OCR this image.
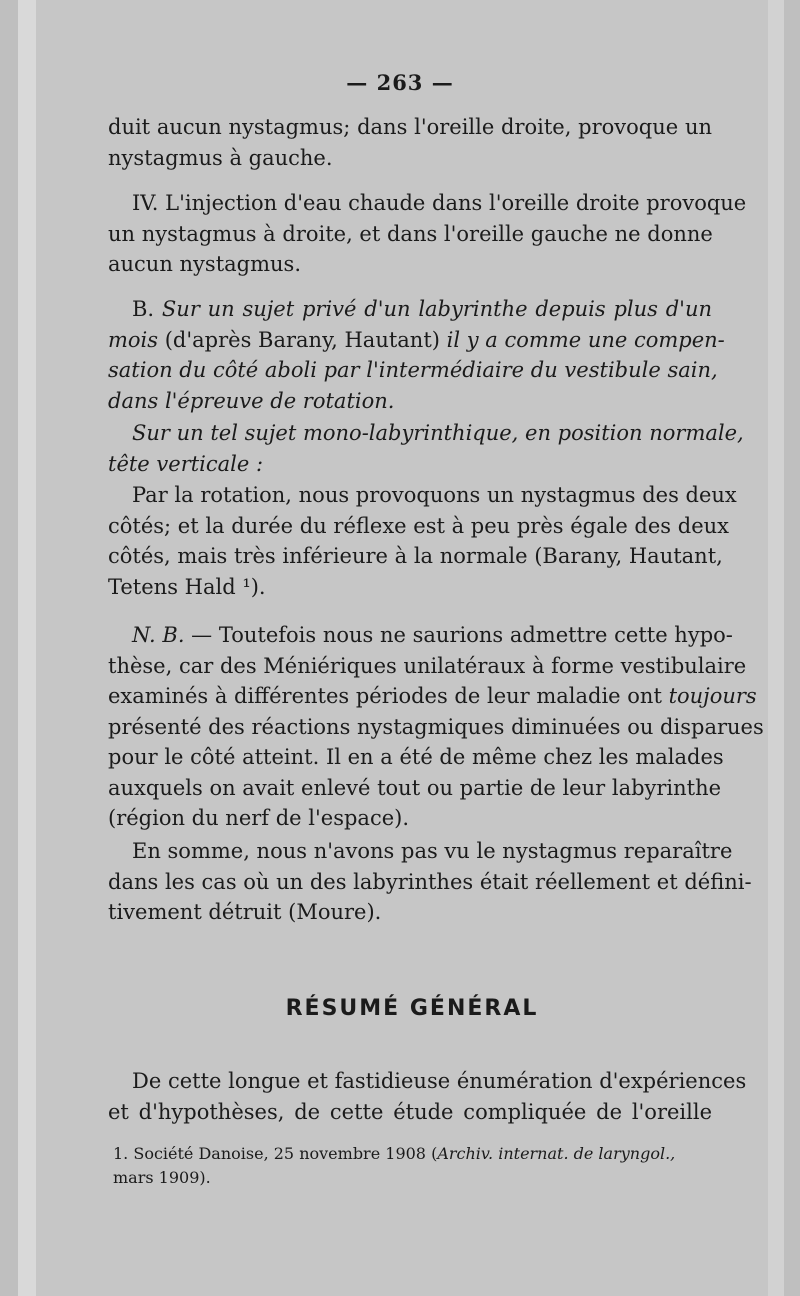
— 263 —

duit aucun nystagmus; dans l'oreille droite, provoque un
nystagmus à gauche.

IV. L'injection d'eau chaude dans l'oreille droite provoque
un nystagmus à droite, et dans l'oreille gauche ne donne
aucun nystagmus.

B. Sur un sujet privé d'un labyrinthe depuis plus d'un
mois (d'après Barany, Hautant) il y a comme une compen-
sation du côté aboli par l'intermédiaire du vestibule sain,
dans l'épreuve de rotation.

Sur un tel sujet mono-labyrinthique, en position normale,
tête verticale :

Par la rotation, nous provoquons un nystagmus des deux
côtés; et la durée du réflexe est à peu près égale des deux
côtés, mais très inférieure à la normale (Barany, Hautant,
Tetens Hald ¹).

N. B. — Toutefois nous ne saurions admettre cette hypo-
thèse, car des Méniériques unilatéraux à forme vestibulaire
examinés à différentes périodes de leur maladie ont toujours
présenté des réactions nystagmiques diminuées ou disparues
pour le côté atteint. Il en a été de même chez les malades
auxquels on avait enlevé tout ou partie de leur labyrinthe
(région du nerf de l'espace).

En somme, nous n'avons pas vu le nystagmus reparaître
dans les cas où un des labyrinthes était réellement et défini-
tivement détruit (Moure).

RÉSUMÉ GÉNÉRAL

De cette longue et fastidieuse énumération d'expériences
et d'hypothèses, de cette étude compliquée de l'oreille

1. Société Danoise, 25 novembre 1908 (Archiv. internat. de laryngol.,
mars 1909).
